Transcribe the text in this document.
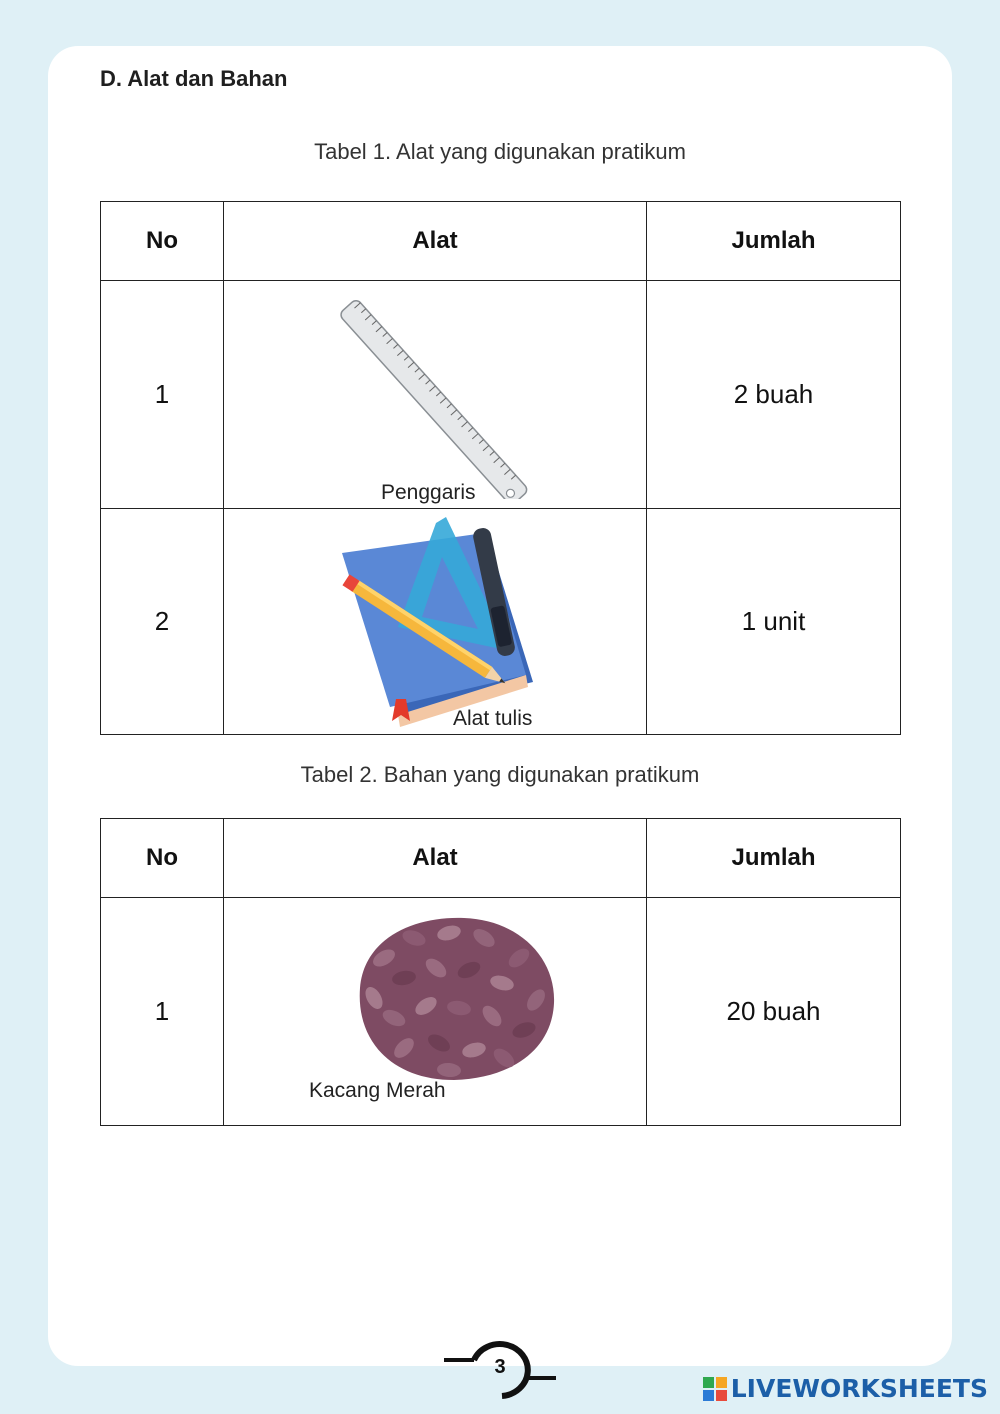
D. Alat dan Bahan
Tabel 1. Alat yang digunakan pratikum
No	Alat	Jumlah
1	Penggaris	2 buah
2	Alat tulis	1 unit
Tabel 2. Bahan yang digunakan pratikum
No	Alat	Jumlah
1	Kacang Merah	20 buah
3
LIVEWORKSHEETS
